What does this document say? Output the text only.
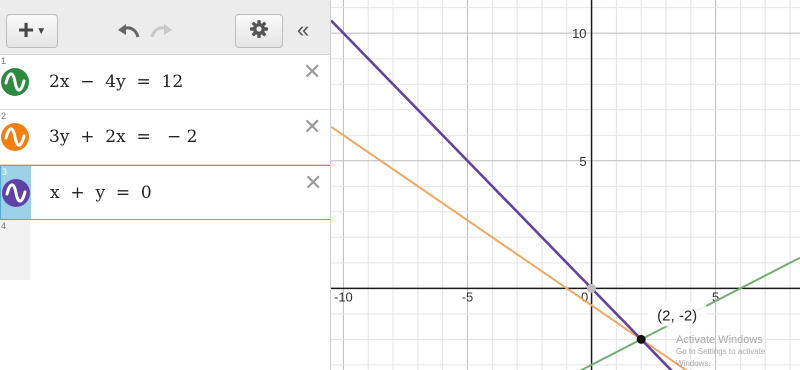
+ ▼	«
1
2x  −  4y  =  12	✕
2
3y  +  2x  =   − 2	✕
3
x  +  y  =  0	✕
4
-10	-5	0	5
10
5
(2, -2)
Activate Windows
Go to Settings to activate Windows.
